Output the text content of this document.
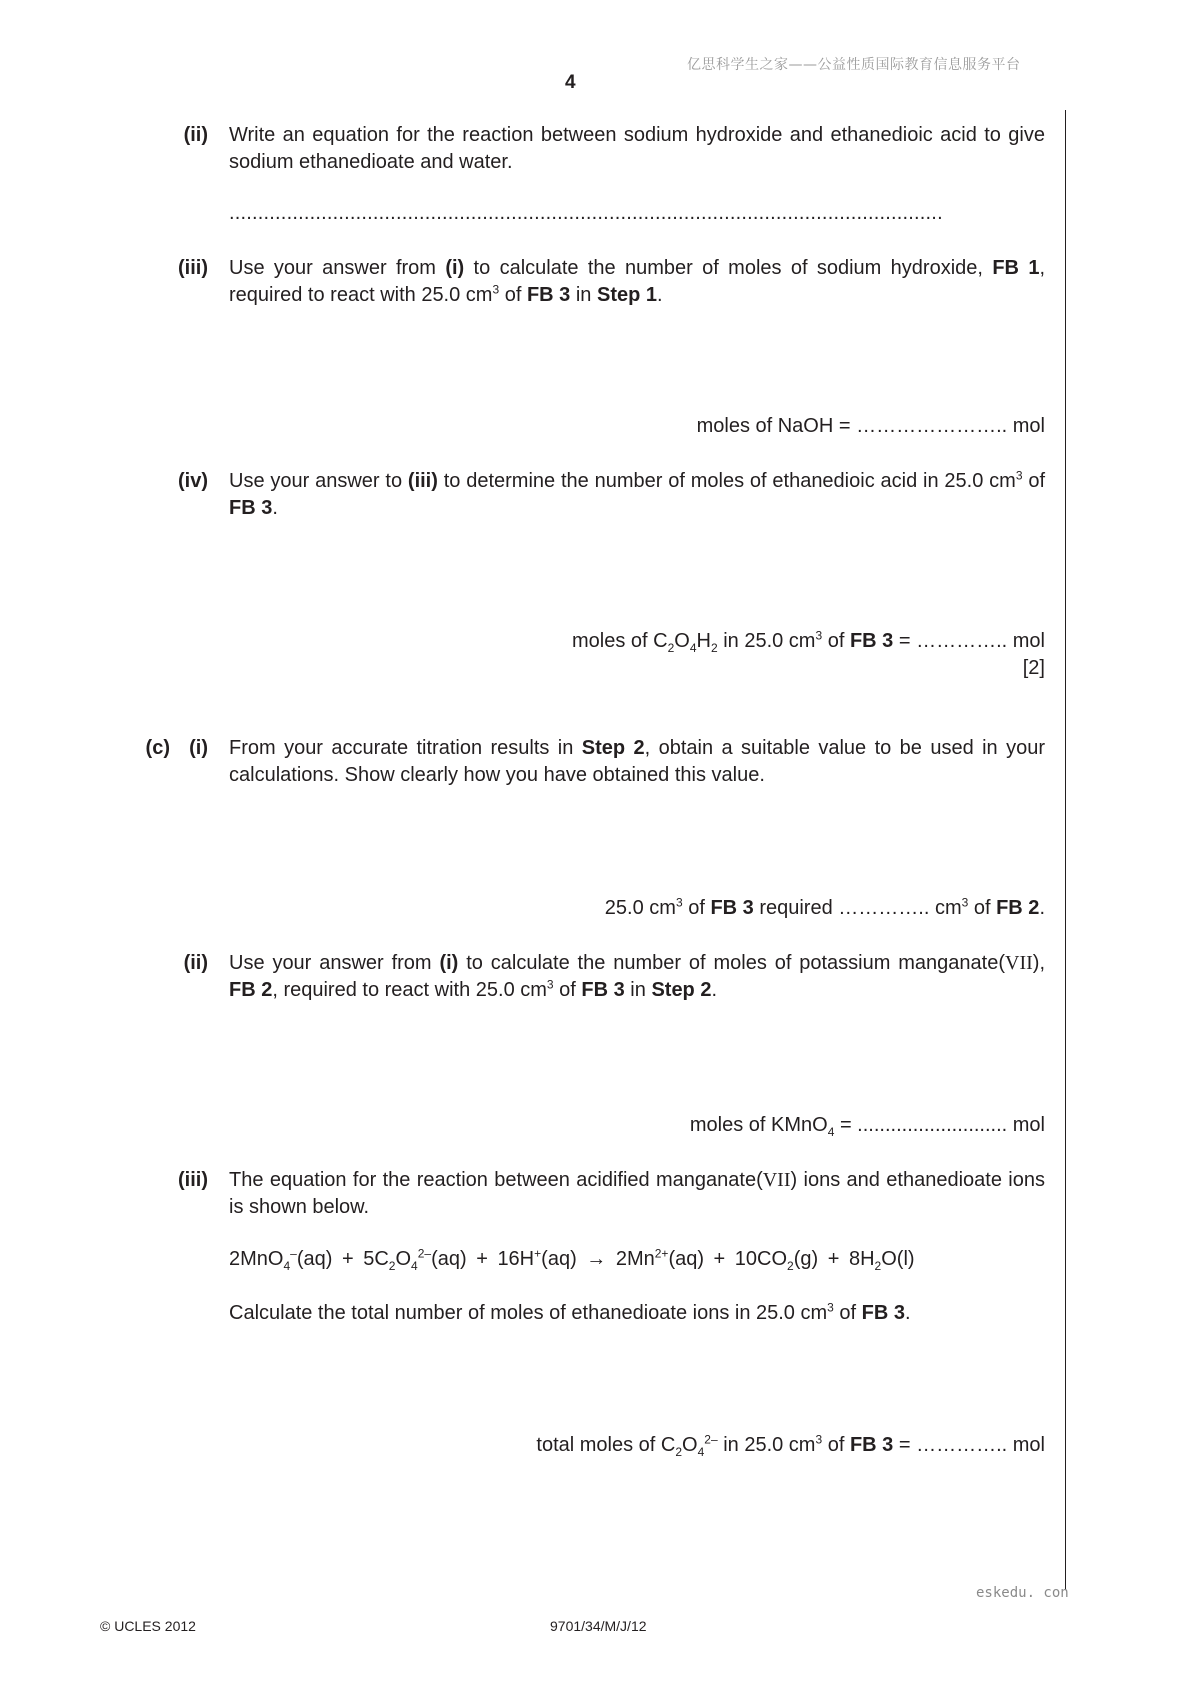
亿思科学生之家——公益性质国际教育信息服务平台
4
(ii) Write an equation for the reaction between sodium hydroxide and ethanedioic acid to give sodium ethanedioate and water.
............................................................................................................................
(iii) Use your answer from (i) to calculate the number of moles of sodium hydroxide, FB 1, required to react with 25.0 $cm^3$ of FB 3 in Step 1.
moles of NaOH = ………………….. mol
(iv) Use your answer to (iii) to determine the number of moles of ethanedioic acid in 25.0 $cm^3$ of FB 3.
moles of $C_2O_4H_2$ in 25.0 $cm^3$ of FB 3 = ………….. mol
[2]
(c) (i) From your accurate titration results in Step 2, obtain a suitable value to be used in your calculations. Show clearly how you have obtained this value.
25.0 $cm^3$ of FB 3 required ………….. $cm^3$ of FB 2.
(ii) Use your answer from (i) to calculate the number of moles of potassium manganate(VII), FB 2, required to react with 25.0 $cm^3$ of FB 3 in Step 2.
moles of KMnO$_4$ = ........................... mol
(iii) The equation for the reaction between acidified manganate(VII) ions and ethanedioate ions is shown below.
$2MnO_4^-(aq) + 5C_2O_4^{2-}(aq) + 16H^+(aq) \to 2Mn^{2+}(aq) + 10CO_2(g) + 8H_2O(l)$
Calculate the total number of moles of ethanedioate ions in 25.0 $cm^3$ of FB 3.
total moles of $C_2O_4^{2-}$ in 25.0 $cm^3$ of FB 3 = ………….. mol
eskedu. con
© UCLES 2012	9701/34/M/J/12
